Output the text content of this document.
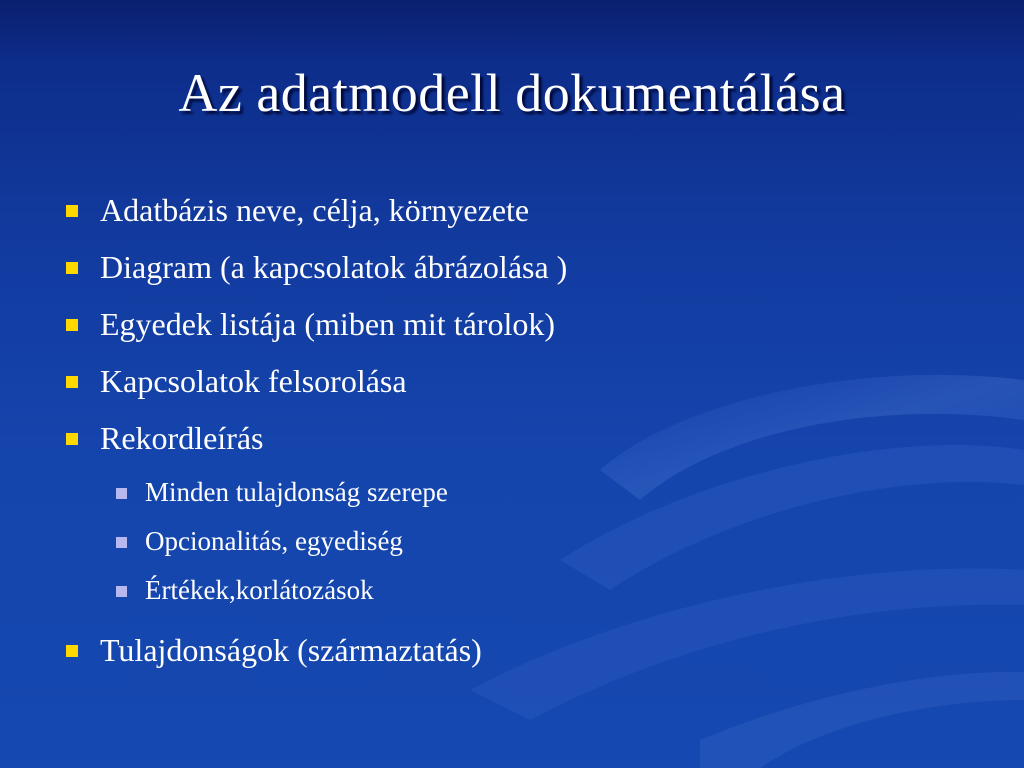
Az adatmodell dokumentálása
Adatbázis neve, célja, környezete
Diagram (a kapcsolatok ábrázolása )
Egyedek listája (miben mit tárolok)
Kapcsolatok felsorolása
Rekordleírás
Minden tulajdonság szerepe
Opcionalitás, egyediség
Értékek,korlátozások
Tulajdonságok (származtatás)
